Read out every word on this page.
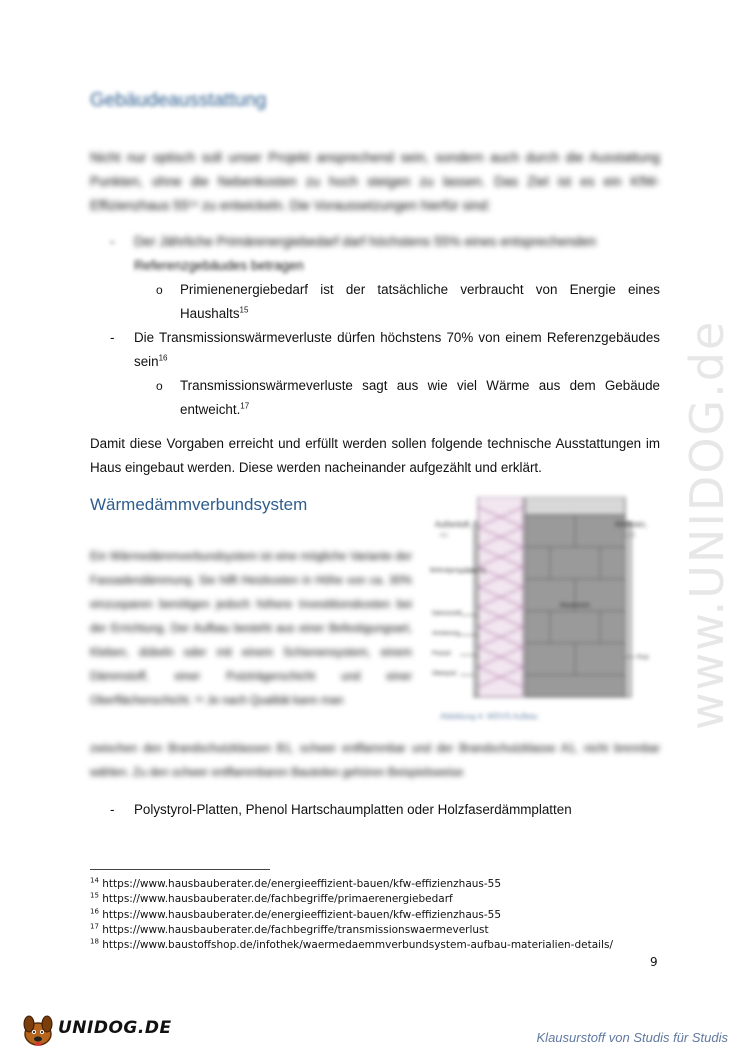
www.UNIDOG.de
Gebäudeausstattung

Nicht nur optisch soll unser Projekt ansprechend sein, sondern auch durch die Ausstattung Punkten, ohne die Nebenkosten zu hoch steigen zu lassen. Das Ziel ist es ein KfW-Effizienzhaus 55¹⁴ zu entwickeln. Die Voraussetzungen hierfür sind:

- Der Jährliche Primärenergiebedarf darf höchstens 55% eines entsprechenden
Referenzgebäudes betragen
o Primienenergiebedarf ist der tatsächliche verbraucht von Energie eines Haushalts$^{15}$
- Die Transmissionswärmeverluste dürfen höchstens 70% von einem Referenzgebäudes sein$^{16}$
o Transmissionswärmeverluste sagt aus wie viel Wärme aus dem Gebäude entweicht.$^{17}$

Damit diese Vorgaben erreicht und erfüllt werden sollen folgende technische Ausstattungen im Haus eingebaut werden. Diese werden nacheinander aufgezählt und erklärt.

Wärmedämmverbundsystem

Ein Wärmedämmverbundsystem ist eine mögliche Variante der Fassadendämmung. Sie hilft Heizkosten in Höhe von ca. 30% einzusparen benötigen jedoch höhere Investitionskosten bei der Errichtung. Der Aufbau besteht aus einer Befestigungsart, Kleben, dübeln oder mit einem Schienensystem, einem Dämmstoff, einer Putzträgerschicht und einer Oberflächenschicht. ¹⁸ Je nach Qualität kann man

Außenluft,
e/s
Wohnen,
Luft
Befestigung Klebung
Dämmstoff
Armierung
Putzart
Oberputz
Mauerwerk
Putz
Abbildung 4: WDVS Aufbau

zwischen den Brandschutzklassen B1, schwer entflammbar und der Brandschutzklasse A1, nicht brennbar wählen. Zu den schwer entflammbaren Bauteilen gehören Beispielsweise

- Polystyrol-Platten, Phenol Hartschaumplatten oder Holzfaserdämmplatten
$^{14}$ https://www.hausbauberater.de/energieeffizient-bauen/kfw-effizienzhaus-55
$^{15}$ https://www.hausbauberater.de/fachbegriffe/primaerenergiebedarf
$^{16}$ https://www.hausbauberater.de/energieeffizient-bauen/kfw-effizienzhaus-55
$^{17}$ https://www.hausbauberater.de/fachbegriffe/transmissionswaermeverlust
$^{18}$ https://www.baustoffshop.de/infothek/waermedaemmverbundsystem-aufbau-materialien-details/
9
UNIDOG.DE	Klausurstoff von Studis für Studis
